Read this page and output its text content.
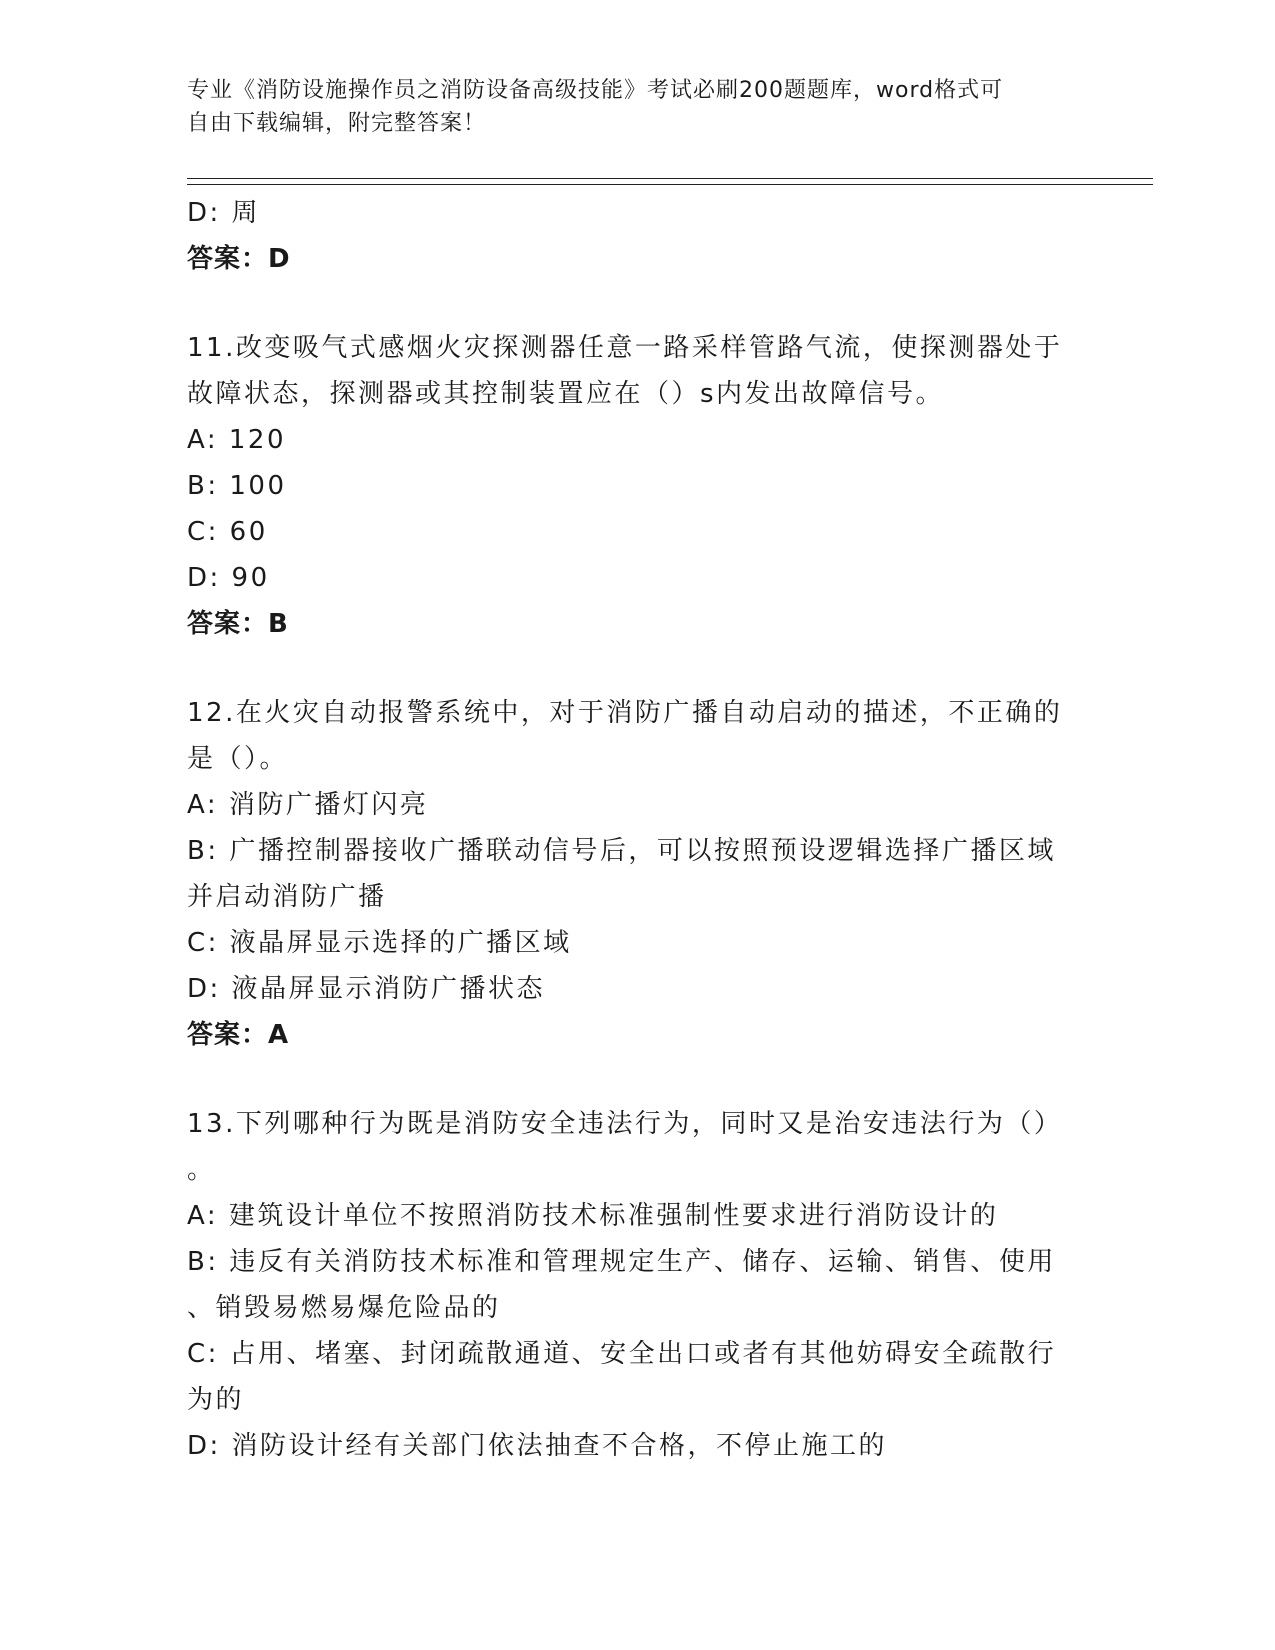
专业《消防设施操作员之消防设备高级技能》考试必刷200题题库，word格式可
自由下载编辑，附完整答案！
D: 周
答案：D
11.改变吸气式感烟火灾探测器任意一路采样管路气流，使探测器处于
故障状态，探测器或其控制装置应在（）s内发出故障信号。
A: 120
B: 100
C: 60
D: 90
答案：B
12.在火灾自动报警系统中，对于消防广播自动启动的描述，不正确的
是（）。
A: 消防广播灯闪亮
B: 广播控制器接收广播联动信号后，可以按照预设逻辑选择广播区域
并启动消防广播
C: 液晶屏显示选择的广播区域
D: 液晶屏显示消防广播状态
答案：A
13.下列哪种行为既是消防安全违法行为，同时又是治安违法行为（）
。
A: 建筑设计单位不按照消防技术标准强制性要求进行消防设计的
B: 违反有关消防技术标准和管理规定生产、储存、运输、销售、使用
、销毁易燃易爆危险品的
C: 占用、堵塞、封闭疏散通道、安全出口或者有其他妨碍安全疏散行
为的
D: 消防设计经有关部门依法抽查不合格，不停止施工的
